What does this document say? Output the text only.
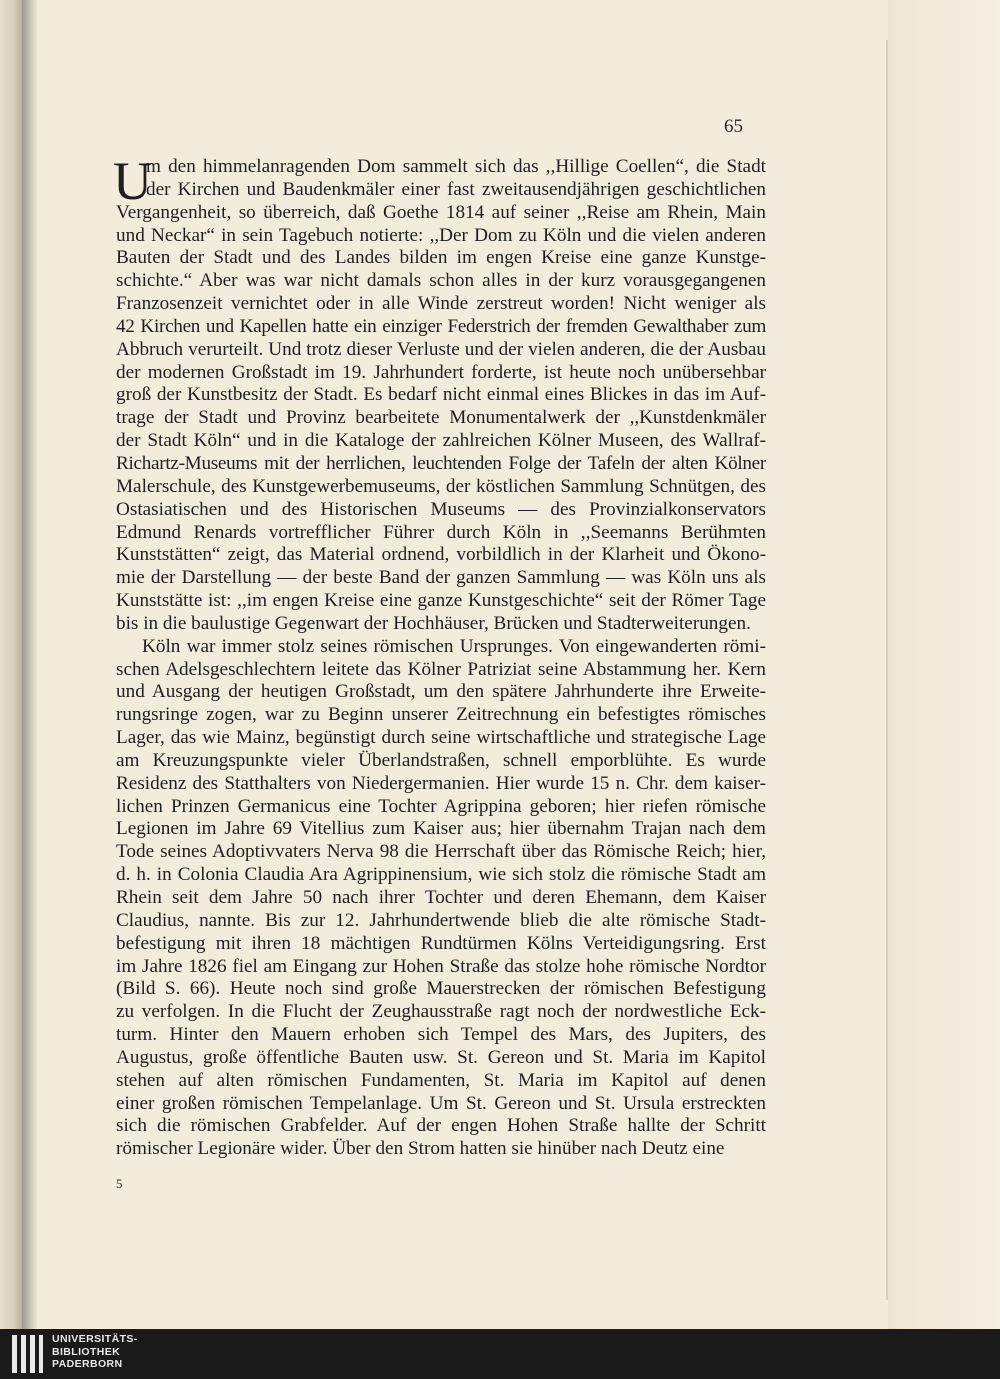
65
U
m den himmelanragenden Dom sammelt sich das ,,Hillige Coellen“, die Stadt
der Kirchen und Baudenkmäler einer fast zweitausendjährigen geschichtlichen
Vergangenheit, so überreich, daß Goethe 1814 auf seiner ,,Reise am Rhein, Main
und Neckar“ in sein Tagebuch notierte: ,,Der Dom zu Köln und die vielen anderen
Bauten der Stadt und des Landes bilden im engen Kreise eine ganze Kunstge-
schichte.“ Aber was war nicht damals schon alles in der kurz vorausgegangenen
Franzosenzeit vernichtet oder in alle Winde zerstreut worden! Nicht weniger als
42 Kirchen und Kapellen hatte ein einziger Federstrich der fremden Gewalthaber zum
Abbruch verurteilt. Und trotz dieser Verluste und der vielen anderen, die der Ausbau
der modernen Großstadt im 19. Jahrhundert forderte, ist heute noch unübersehbar
groß der Kunstbesitz der Stadt. Es bedarf nicht einmal eines Blickes in das im Auf-
trage der Stadt und Provinz bearbeitete Monumentalwerk der ,,Kunstdenkmäler
der Stadt Köln“ und in die Kataloge der zahlreichen Kölner Museen, des Wallraf-
Richartz-Museums mit der herrlichen, leuchtenden Folge der Tafeln der alten Kölner
Malerschule, des Kunstgewerbemuseums, der köstlichen Sammlung Schnütgen, des
Ostasiatischen und des Historischen Museums — des Provinzialkonservators
Edmund Renards vortrefflicher Führer durch Köln in ,,Seemanns Berühmten
Kunststätten“ zeigt, das Material ordnend, vorbildlich in der Klarheit und Ökono-
mie der Darstellung — der beste Band der ganzen Sammlung — was Köln uns als
Kunststätte ist: ,,im engen Kreise eine ganze Kunstgeschichte“ seit der Römer Tage
bis in die baulustige Gegenwart der Hochhäuser, Brücken und Stadterweiterungen.
Köln war immer stolz seines römischen Ursprunges. Von eingewanderten römi-
schen Adelsgeschlechtern leitete das Kölner Patriziat seine Abstammung her. Kern
und Ausgang der heutigen Großstadt, um den spätere Jahrhunderte ihre Erweite-
rungsringe zogen, war zu Beginn unserer Zeitrechnung ein befestigtes römisches
Lager, das wie Mainz, begünstigt durch seine wirtschaftliche und strategische Lage
am Kreuzungspunkte vieler Überlandstraßen, schnell emporblühte. Es wurde
Residenz des Statthalters von Niedergermanien. Hier wurde 15 n. Chr. dem kaiser-
lichen Prinzen Germanicus eine Tochter Agrippina geboren; hier riefen römische
Legionen im Jahre 69 Vitellius zum Kaiser aus; hier übernahm Trajan nach dem
Tode seines Adoptivvaters Nerva 98 die Herrschaft über das Römische Reich; hier,
d. h. in Colonia Claudia Ara Agrippinensium, wie sich stolz die römische Stadt am
Rhein seit dem Jahre 50 nach ihrer Tochter und deren Ehemann, dem Kaiser
Claudius, nannte. Bis zur 12. Jahrhundertwende blieb die alte römische Stadt-
befestigung mit ihren 18 mächtigen Rundtürmen Kölns Verteidigungsring. Erst
im Jahre 1826 fiel am Eingang zur Hohen Straße das stolze hohe römische Nordtor
(Bild S. 66). Heute noch sind große Mauerstrecken der römischen Befestigung
zu verfolgen. In die Flucht der Zeughausstraße ragt noch der nordwestliche Eck-
turm. Hinter den Mauern erhoben sich Tempel des Mars, des Jupiters, des
Augustus, große öffentliche Bauten usw. St. Gereon und St. Maria im Kapitol
stehen auf alten römischen Fundamenten, St. Maria im Kapitol auf denen
einer großen römischen Tempelanlage. Um St. Gereon und St. Ursula erstreckten
sich die römischen Grabfelder. Auf der engen Hohen Straße hallte der Schritt
römischer Legionäre wider. Über den Strom hatten sie hinüber nach Deutz eine
5
UNIVERSITÄTS-
BIBLIOTHEK
PADERBORN
